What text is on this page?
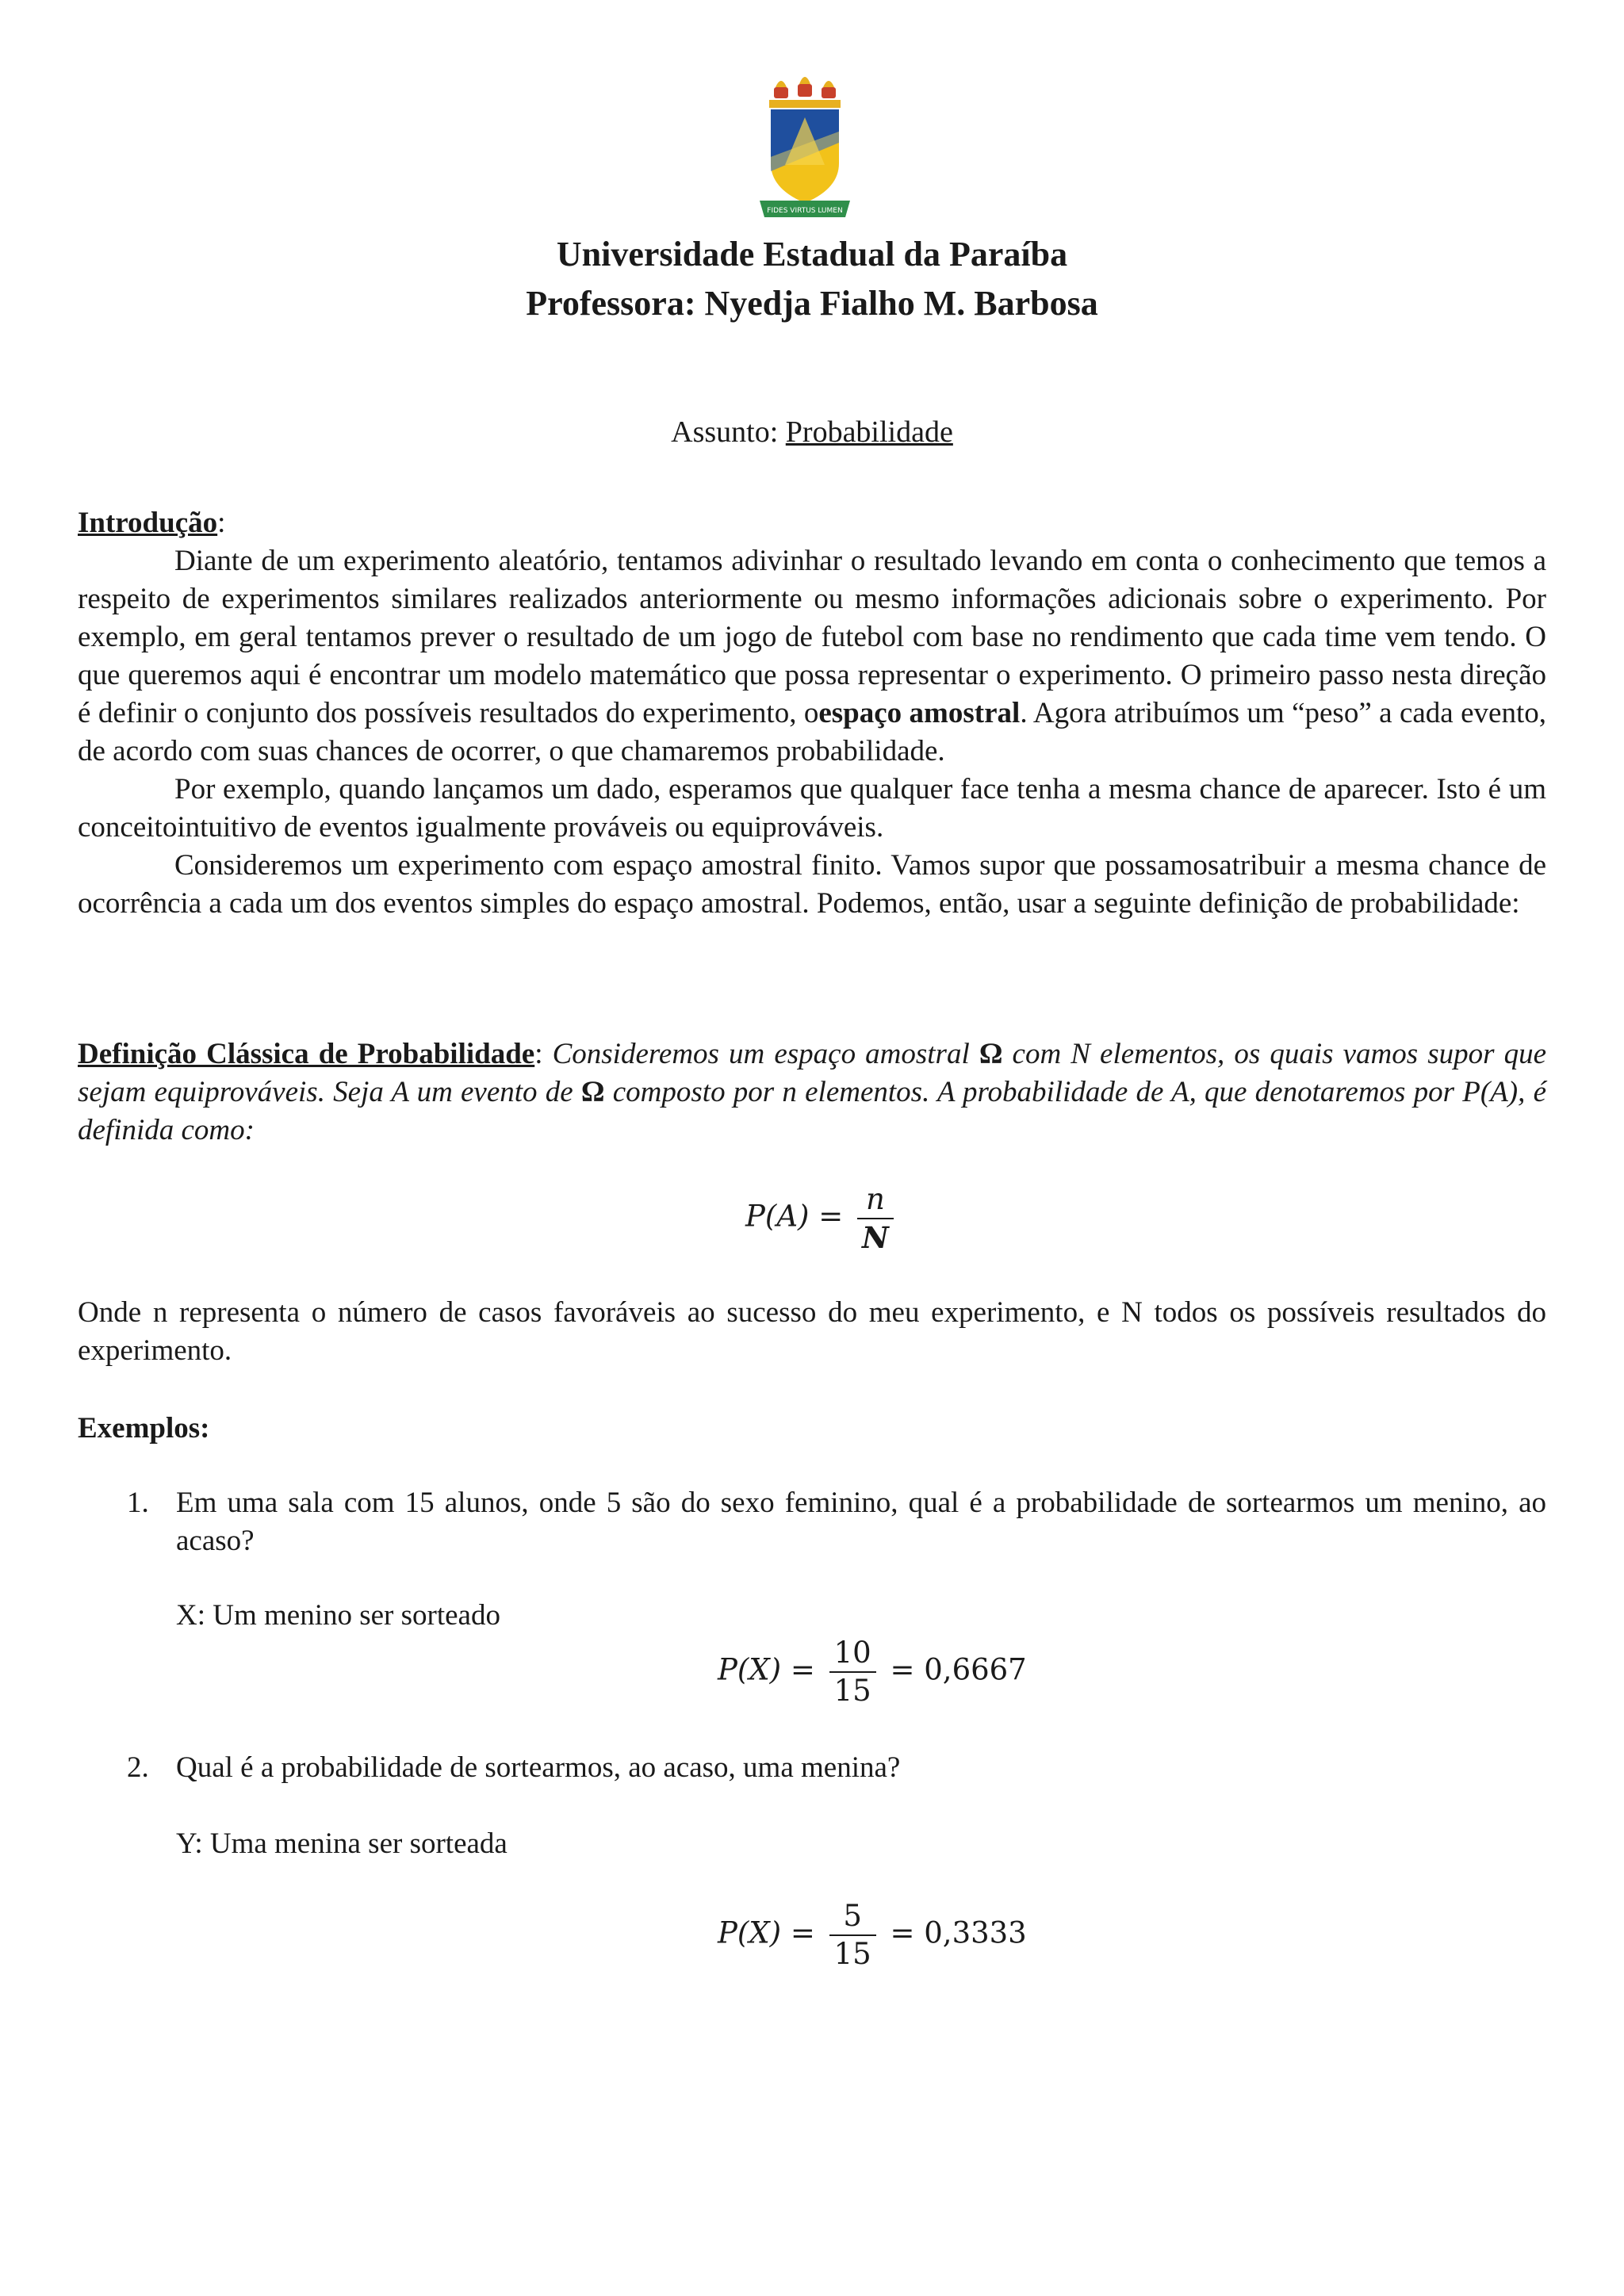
FIDES VIRTUS LUMEN
Universidade Estadual da Paraíba
Professora: Nyedja Fialho M. Barbosa
Assunto: Probabilidade
Introdução:
Diante de um experimento aleatório, tentamos adivinhar o resultado levando em conta o conhecimento que temos a respeito de experimentos similares realizados anteriormente ou mesmo informações adicionais sobre o experimento. Por exemplo, em geral tentamos prever o resultado de um jogo de futebol com base no rendimento que cada time vem tendo. O que queremos aqui é encontrar um modelo matemático que possa representar o experimento. O primeiro passo nesta direção é definir o conjunto dos possíveis resultados do experimento, oespaço amostral. Agora atribuímos um “peso” a cada evento, de acordo com suas chances de ocorrer, o que chamaremos probabilidade.
Por exemplo, quando lançamos um dado, esperamos que qualquer face tenha a mesma chance de aparecer. Isto é um conceitointuitivo de eventos igualmente prováveis ou equiprováveis.
Consideremos um experimento com espaço amostral finito. Vamos supor que possamosatribuir a mesma chance de ocorrência a cada um dos eventos simples do espaço amostral. Podemos, então, usar a seguinte definição de probabilidade:
Definição Clássica de Probabilidade: Consideremos um espaço amostral Ω com N elementos, os quais vamos supor que sejam equiprováveis. Seja A um evento de Ω composto por n elementos. A probabilidade de A, que denotaremos por P(A), é definida como:
$P(A) = \frac{n}{N}$
Onde n representa o número de casos favoráveis ao sucesso do meu experimento, e N todos os possíveis resultados do experimento.
Exemplos:
1. Em uma sala com 15 alunos, onde 5 são do sexo feminino, qual é a probabilidade de sortearmos um menino, ao acaso?
X: Um menino ser sorteado
$P(X) = \frac{10}{15} = 0,6667$
2. Qual é a probabilidade de sortearmos, ao acaso, uma menina?
Y: Uma menina ser sorteada
$P(X) = \frac{5}{15} = 0,3333$
